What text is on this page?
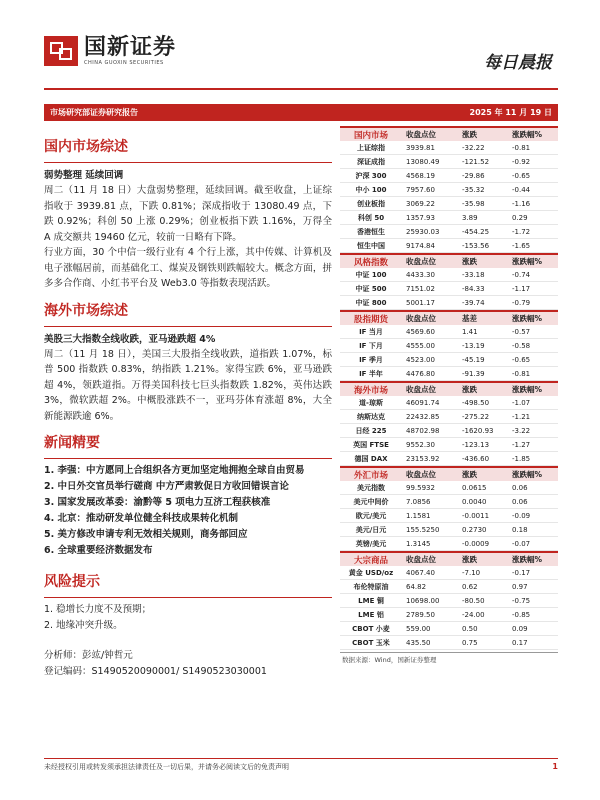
国新证券
CHINA GUOXIN SECURITIES	每日晨报
市场研究部证券研究报告	2025 年 11 月 19 日
国内市场综述
弱势整理 延续回调

周二（11 月 18 日）大盘弱势整理，延续回调。截至收盘，上证综指收于 3939.81 点，下跌 0.81%；深成指收于 13080.49 点，下跌 0.92%；科创 50 上涨 0.29%；创业板指下跌 1.16%，万得全 A 成交额共 19460 亿元，较前一日略有下降。

行业方面，30 个中信一级行业有 4 个行上涨，其中传媒、计算机及电子涨幅居前，而基础化工、煤炭及钢铁则跌幅较大。概念方面，拼多多合作商、小红书平台及 Web3.0 等指数表现活跃。

海外市场综述
美股三大指数全线收跌，亚马逊跌超 4%

周二（11 月 18 日），美国三大股指全线收跌，道指跌 1.07%，标普 500 指数跌 0.83%，纳指跌 1.21%。家得宝跌 6%，亚马逊跌超 4%，领跌道指。万得美国科技七巨头指数跌 1.82%，英伟达跌 3%，微软跌超 2%。中概股涨跌不一，亚玛芬体育涨超 8%，大全新能源跌逾 6%。

新闻精要
1. 李强：中方愿同上合组织各方更加坚定地拥抱全球自由贸易
2. 中日外交官员举行磋商 中方严肃敦促日方收回错误言论
3. 国家发展改革委：渝黔等 5 项电力互济工程获核准
4. 北京：推动研发单位健全科技成果转化机制
5. 美方修改申请专利无效相关规则，商务部回应
6. 全球重要经济数据发布
风险提示
1. 稳增长力度不及预期；
2. 地缘冲突升级。
分析师：彭竑/钟哲元
登记编码：S1490520090001/ S1490523030001
国内市场	收盘点位	涨跌	涨跌幅%
上证综指	3939.81	-32.22	-0.81
深证成指	13080.49	-121.52	-0.92
沪深 300	4568.19	-29.86	-0.65
中小 100	7957.60	-35.32	-0.44
创业板指	3069.22	-35.98	-1.16
科创 50	1357.93	3.89	0.29
香港恒生	25930.03	-454.25	-1.72
恒生中国	9174.84	-153.56	-1.65
风格指数	收盘点位	涨跌	涨跌幅%
中证 100	4433.30	-33.18	-0.74
中证 500	7151.02	-84.33	-1.17
中证 800	5001.17	-39.74	-0.79
股指期货	收盘点位	基差	涨跌幅%
IF 当月	4569.60	1.41	-0.57
IF 下月	4555.00	-13.19	-0.58
IF 季月	4523.00	-45.19	-0.65
IF 半年	4476.80	-91.39	-0.81
海外市场	收盘点位	涨跌	涨跌幅%
道-琼斯	46091.74	-498.50	-1.07
纳斯达克	22432.85	-275.22	-1.21
日经 225	48702.98	-1620.93	-3.22
英国 FTSE	9552.30	-123.13	-1.27
德国 DAX	23153.92	-436.60	-1.85
外汇市场	收盘点位	涨跌	涨跌幅%
美元指数	99.5932	0.0615	0.06
美元中间价	7.0856	0.0040	0.06
欧元/美元	1.1581	-0.0011	-0.09
美元/日元	155.5250	0.2730	0.18
英镑/美元	1.3145	-0.0009	-0.07
大宗商品	收盘点位	涨跌	涨跌幅%
黄金 USD/oz	4067.40	-7.10	-0.17
布伦特原油	64.82	0.62	0.97
LME 铜	10698.00	-80.50	-0.75
LME 铝	2789.50	-24.00	-0.85
CBOT 小麦	559.00	0.50	0.09
CBOT 玉米	435.50	0.75	0.17
数据来源：Wind，国新证券整理
未经授权引用或转发须承担法律责任及一切后果，并请务必阅读文后的免责声明	1
